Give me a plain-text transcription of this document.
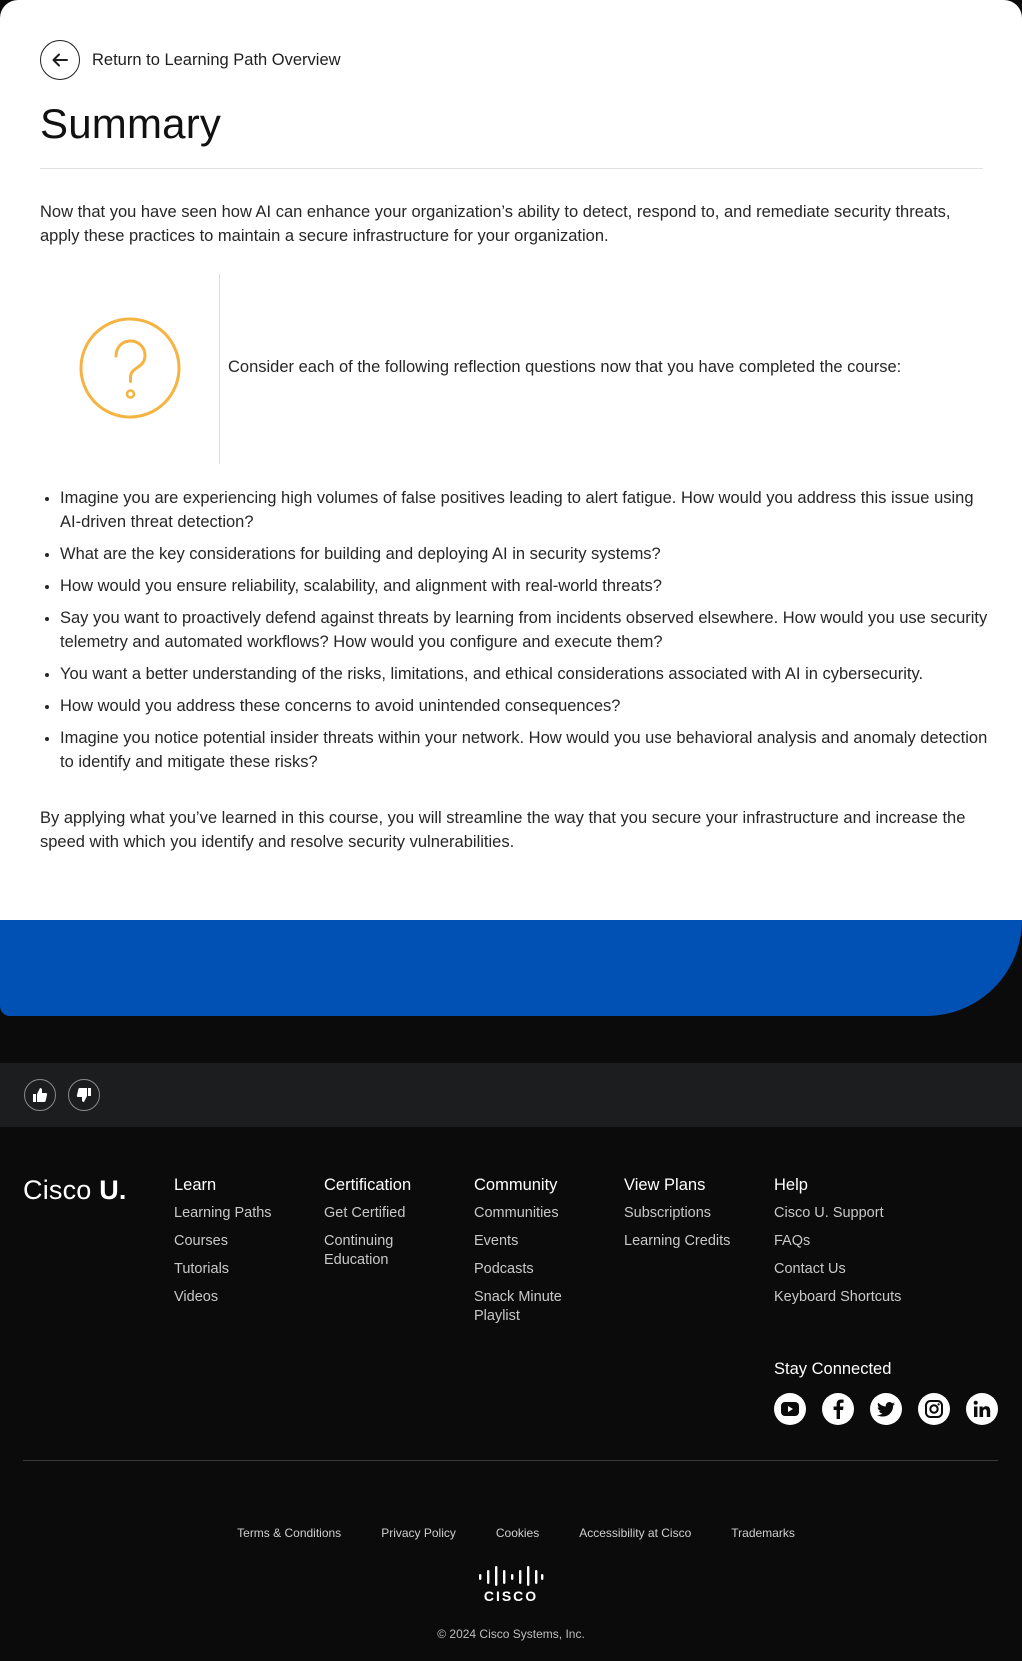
Return to Learning Path Overview
Summary

Now that you have seen how AI can enhance your organization’s ability to detect, respond to, and remediate security threats, apply these practices to maintain a secure infrastructure for your organization.

Consider each of the following reflection questions now that you have completed the course:

Imagine you are experiencing high volumes of false positives leading to alert fatigue. How would you address this issue using AI-driven threat detection?
What are the key considerations for building and deploying AI in security systems?
How would you ensure reliability, scalability, and alignment with real-world threats?
Say you want to proactively defend against threats by learning from incidents observed elsewhere. How would you use security telemetry and automated workflows? How would you configure and execute them?
You want a better understanding of the risks, limitations, and ethical considerations associated with AI in cybersecurity.
How would you address these concerns to avoid unintended consequences?
Imagine you notice potential insider threats within your network. How would you use behavioral analysis and anomaly detection to identify and mitigate these risks?

By applying what you’ve learned in this course, you will streamline the way that you secure your infrastructure and increase the speed with which you identify and resolve security vulnerabilities.

Cisco U.	Learn
Learning Paths
Courses
Tutorials
Videos
Certification
Get Certified
Continuing Education
Community
Communities
Events
Podcasts
Snack Minute Playlist
View Plans
Subscriptions
Learning Credits
Help
Cisco U. Support
FAQs
Contact Us
Keyboard Shortcuts
Stay Connected
Terms & Conditions	Privacy Policy	Cookies	Accessibility at Cisco	Trademarks
CISCO
© 2024 Cisco Systems, Inc.
